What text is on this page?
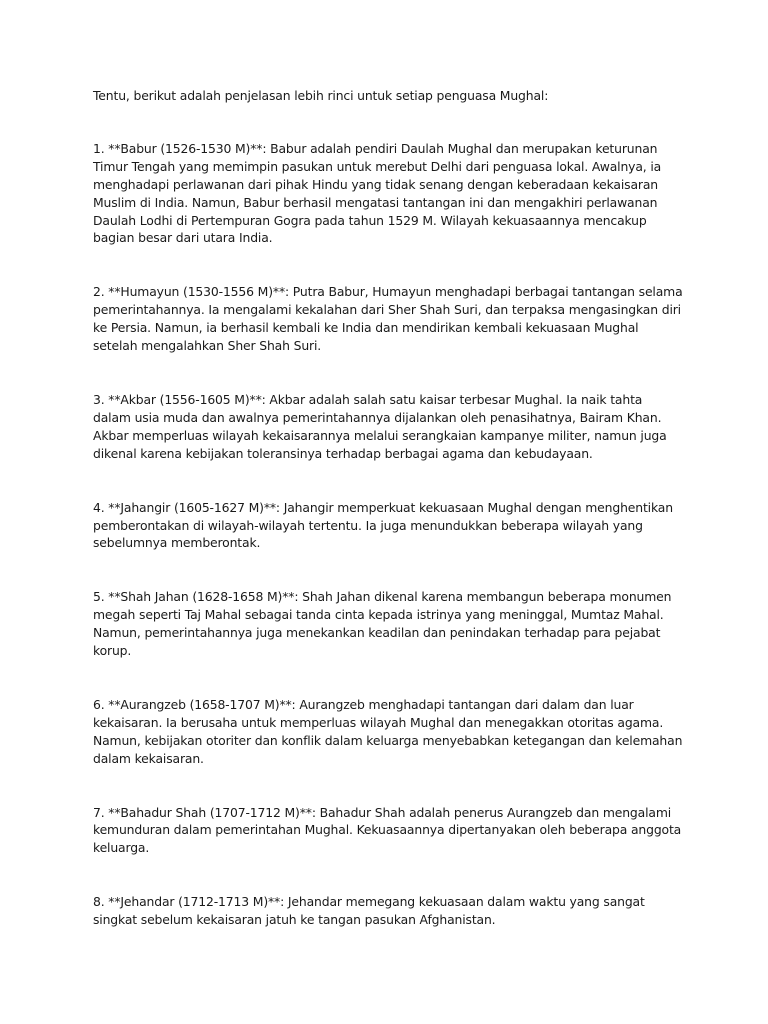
Tentu, berikut adalah penjelasan lebih rinci untuk setiap penguasa Mughal:

1. **Babur (1526-1530 M)**: Babur adalah pendiri Daulah Mughal dan merupakan keturunan Timur Tengah yang memimpin pasukan untuk merebut Delhi dari penguasa lokal. Awalnya, ia menghadapi perlawanan dari pihak Hindu yang tidak senang dengan keberadaan kekaisaran Muslim di India. Namun, Babur berhasil mengatasi tantangan ini dan mengakhiri perlawanan Daulah Lodhi di Pertempuran Gogra pada tahun 1529 M. Wilayah kekuasaannya mencakup bagian besar dari utara India.

2. **Humayun (1530-1556 M)**: Putra Babur, Humayun menghadapi berbagai tantangan selama pemerintahannya. Ia mengalami kekalahan dari Sher Shah Suri, dan terpaksa mengasingkan diri ke Persia. Namun, ia berhasil kembali ke India dan mendirikan kembali kekuasaan Mughal setelah mengalahkan Sher Shah Suri.

3. **Akbar (1556-1605 M)**: Akbar adalah salah satu kaisar terbesar Mughal. Ia naik tahta dalam usia muda dan awalnya pemerintahannya dijalankan oleh penasihatnya, Bairam Khan. Akbar memperluas wilayah kekaisarannya melalui serangkaian kampanye militer, namun juga dikenal karena kebijakan toleransinya terhadap berbagai agama dan kebudayaan.

4. **Jahangir (1605-1627 M)**: Jahangir memperkuat kekuasaan Mughal dengan menghentikan pemberontakan di wilayah-wilayah tertentu. Ia juga menundukkan beberapa wilayah yang sebelumnya memberontak.

5. **Shah Jahan (1628-1658 M)**: Shah Jahan dikenal karena membangun beberapa monumen megah seperti Taj Mahal sebagai tanda cinta kepada istrinya yang meninggal, Mumtaz Mahal. Namun, pemerintahannya juga menekankan keadilan dan penindakan terhadap para pejabat korup.

6. **Aurangzeb (1658-1707 M)**: Aurangzeb menghadapi tantangan dari dalam dan luar kekaisaran. Ia berusaha untuk memperluas wilayah Mughal dan menegakkan otoritas agama. Namun, kebijakan otoriter dan konflik dalam keluarga menyebabkan ketegangan dan kelemahan dalam kekaisaran.

7. **Bahadur Shah (1707-1712 M)**: Bahadur Shah adalah penerus Aurangzeb dan mengalami kemunduran dalam pemerintahan Mughal. Kekuasaannya dipertanyakan oleh beberapa anggota keluarga.

8. **Jehandar (1712-1713 M)**: Jehandar memegang kekuasaan dalam waktu yang sangat singkat sebelum kekaisaran jatuh ke tangan pasukan Afghanistan.
